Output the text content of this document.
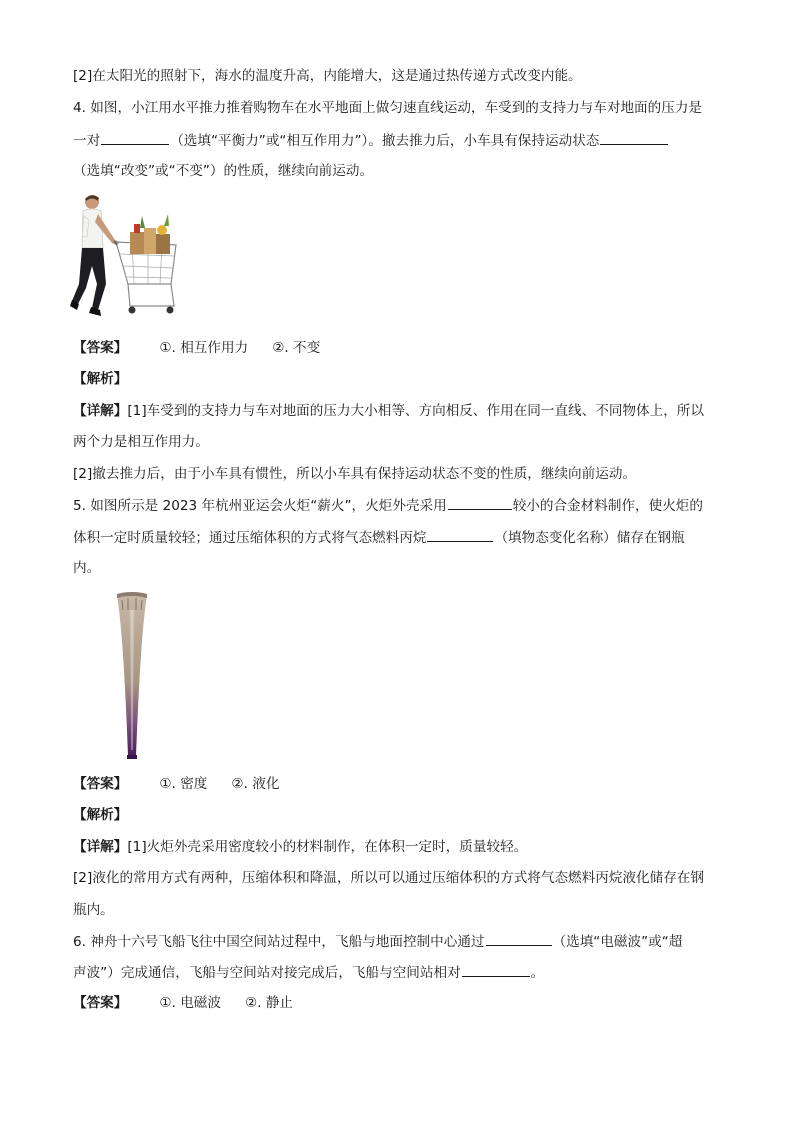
[2]在太阳光的照射下，海水的温度升高，内能增大，这是通过热传递方式改变内能。
4. 如图，小江用水平推力推着购物车在水平地面上做匀速直线运动，车受到的支持力与车对地面的压力是
一对	（选填“平衡力”或“相互作用力”）。撤去推力后，小车具有保持运动状态
（选填“改变”或“不变”）的性质，继续向前运动。
【答案】 ①. 相互作用力 ②. 不变
【解析】
【详解】[1]车受到的支持力与车对地面的压力大小相等、方向相反、作用在同一直线、不同物体上，所以
两个力是相互作用力。
[2]撤去推力后，由于小车具有惯性，所以小车具有保持运动状态不变的性质，继续向前运动。
5. 如图所示是 2023 年杭州亚运会火炬“薪火”，火炬外壳采用	较小的合金材料制作，使火炬的
体积一定时质量较轻；通过压缩体积的方式将气态燃料丙烷	（填物态变化名称）储存在钢瓶
内。
【答案】 ①. 密度 ②. 液化
【解析】
【详解】[1]火炬外壳采用密度较小的材料制作，在体积一定时，质量较轻。
[2]液化的常用方式有两种，压缩体积和降温，所以可以通过压缩体积的方式将气态燃料丙烷液化储存在钢
瓶内。
6. 神舟十六号飞船飞往中国空间站过程中，飞船与地面控制中心通过	（选填“电磁波”或“超
声波”）完成通信，飞船与空间站对接完成后，飞船与空间站相对	。
【答案】 ①. 电磁波 ②. 静止
